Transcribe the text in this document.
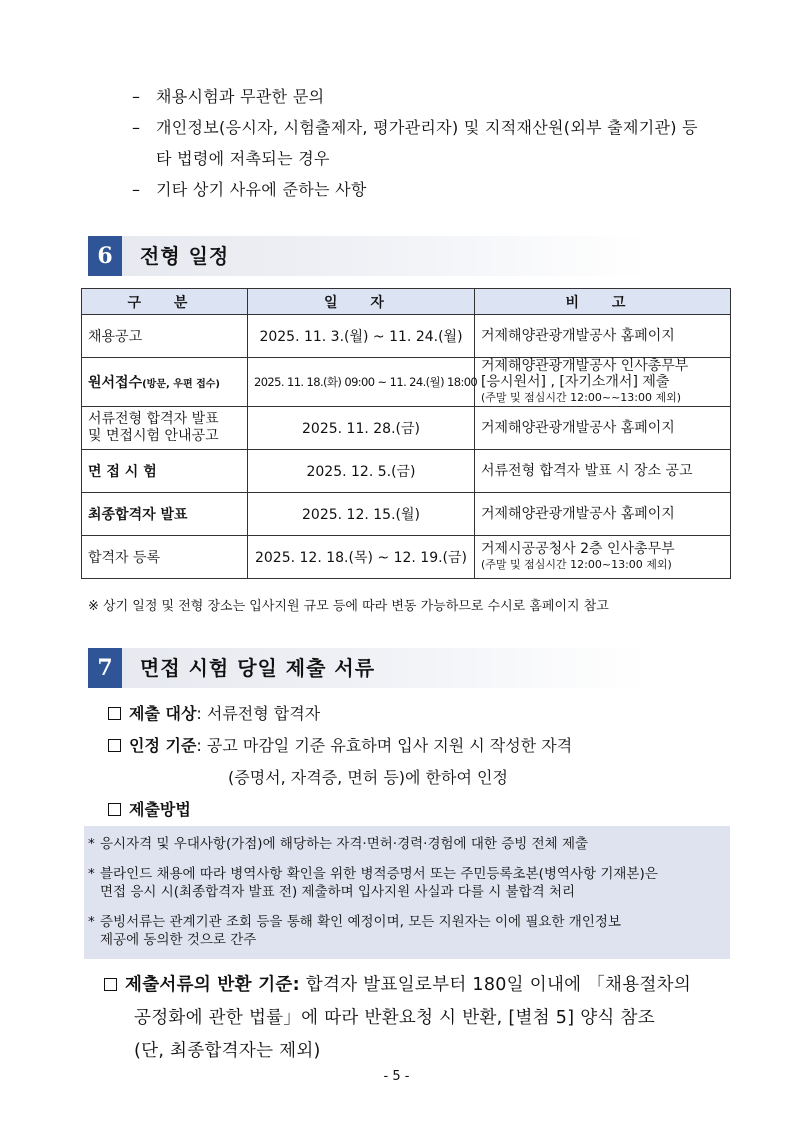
– 채용시험과 무관한 문의
– 개인정보(응시자, 시험출제자, 평가관리자) 및 지적재산원(외부 출제기관) 등
타 법령에 저촉되는 경우
– 기타 상기 사유에 준하는 사항
6	전형 일정
구 분	일 자	비 고
채용공고	2025. 11. 3.(월) ~ 11. 24.(월)	거제해양관광개발공사 홈페이지
원서접수(방문, 우편 접수)	2025. 11. 18.(화) 09:00 ~ 11. 24.(월) 18:00	거제해양관광개발공사 인사총무부
[응시원서] , [자기소개서] 제출
(주말 및 점심시간 12:00~~13:00 제외)

서류전형 합격자 발표
및 면접시험 안내공고	2025. 11. 28.(금)	거제해양관광개발공사 홈페이지
면 접 시 험	2025. 12. 5.(금)	서류전형 합격자 발표 시 장소 공고
최종합격자 발표	2025. 12. 15.(월)	거제해양관광개발공사 홈페이지
합격자 등록	2025. 12. 18.(목) ~ 12. 19.(금)	거제시공공청사 2층 인사총무부
(주말 및 점심시간 12:00~13:00 제외)
※ 상기 일정 및 전형 장소는 입사지원 규모 등에 따라 변동 가능하므로 수시로 홈페이지 참고
7	면접 시험 당일 제출 서류
제출 대상: 서류전형 합격자
인정 기준: 공고 마감일 기준 유효하며 입사 지원 시 작성한 자격
(증명서, 자격증, 면허 등)에 한하여 인정
제출방법
* 응시자격 및 우대사항(가점)에 해당하는 자격·면허·경력·경험에 대한 증빙 전체 제출
* 블라인드 채용에 따라 병역사항 확인을 위한 병적증명서 또는 주민등록초본(병역사항 기재본)은
면접 응시 시(최종합격자 발표 전) 제출하며 입사지원 사실과 다를 시 불합격 처리
* 증빙서류는 관계기관 조회 등을 통해 확인 예정이며, 모든 지원자는 이에 필요한 개인정보
제공에 동의한 것으로 간주
제출서류의 반환 기준: 합격자 발표일로부터 180일 이내에 「채용절차의
공정화에 관한 법률」에 따라 반환요청 시 반환, [별첨 5] 양식 참조
(단, 최종합격자는 제외)
- 5 -
